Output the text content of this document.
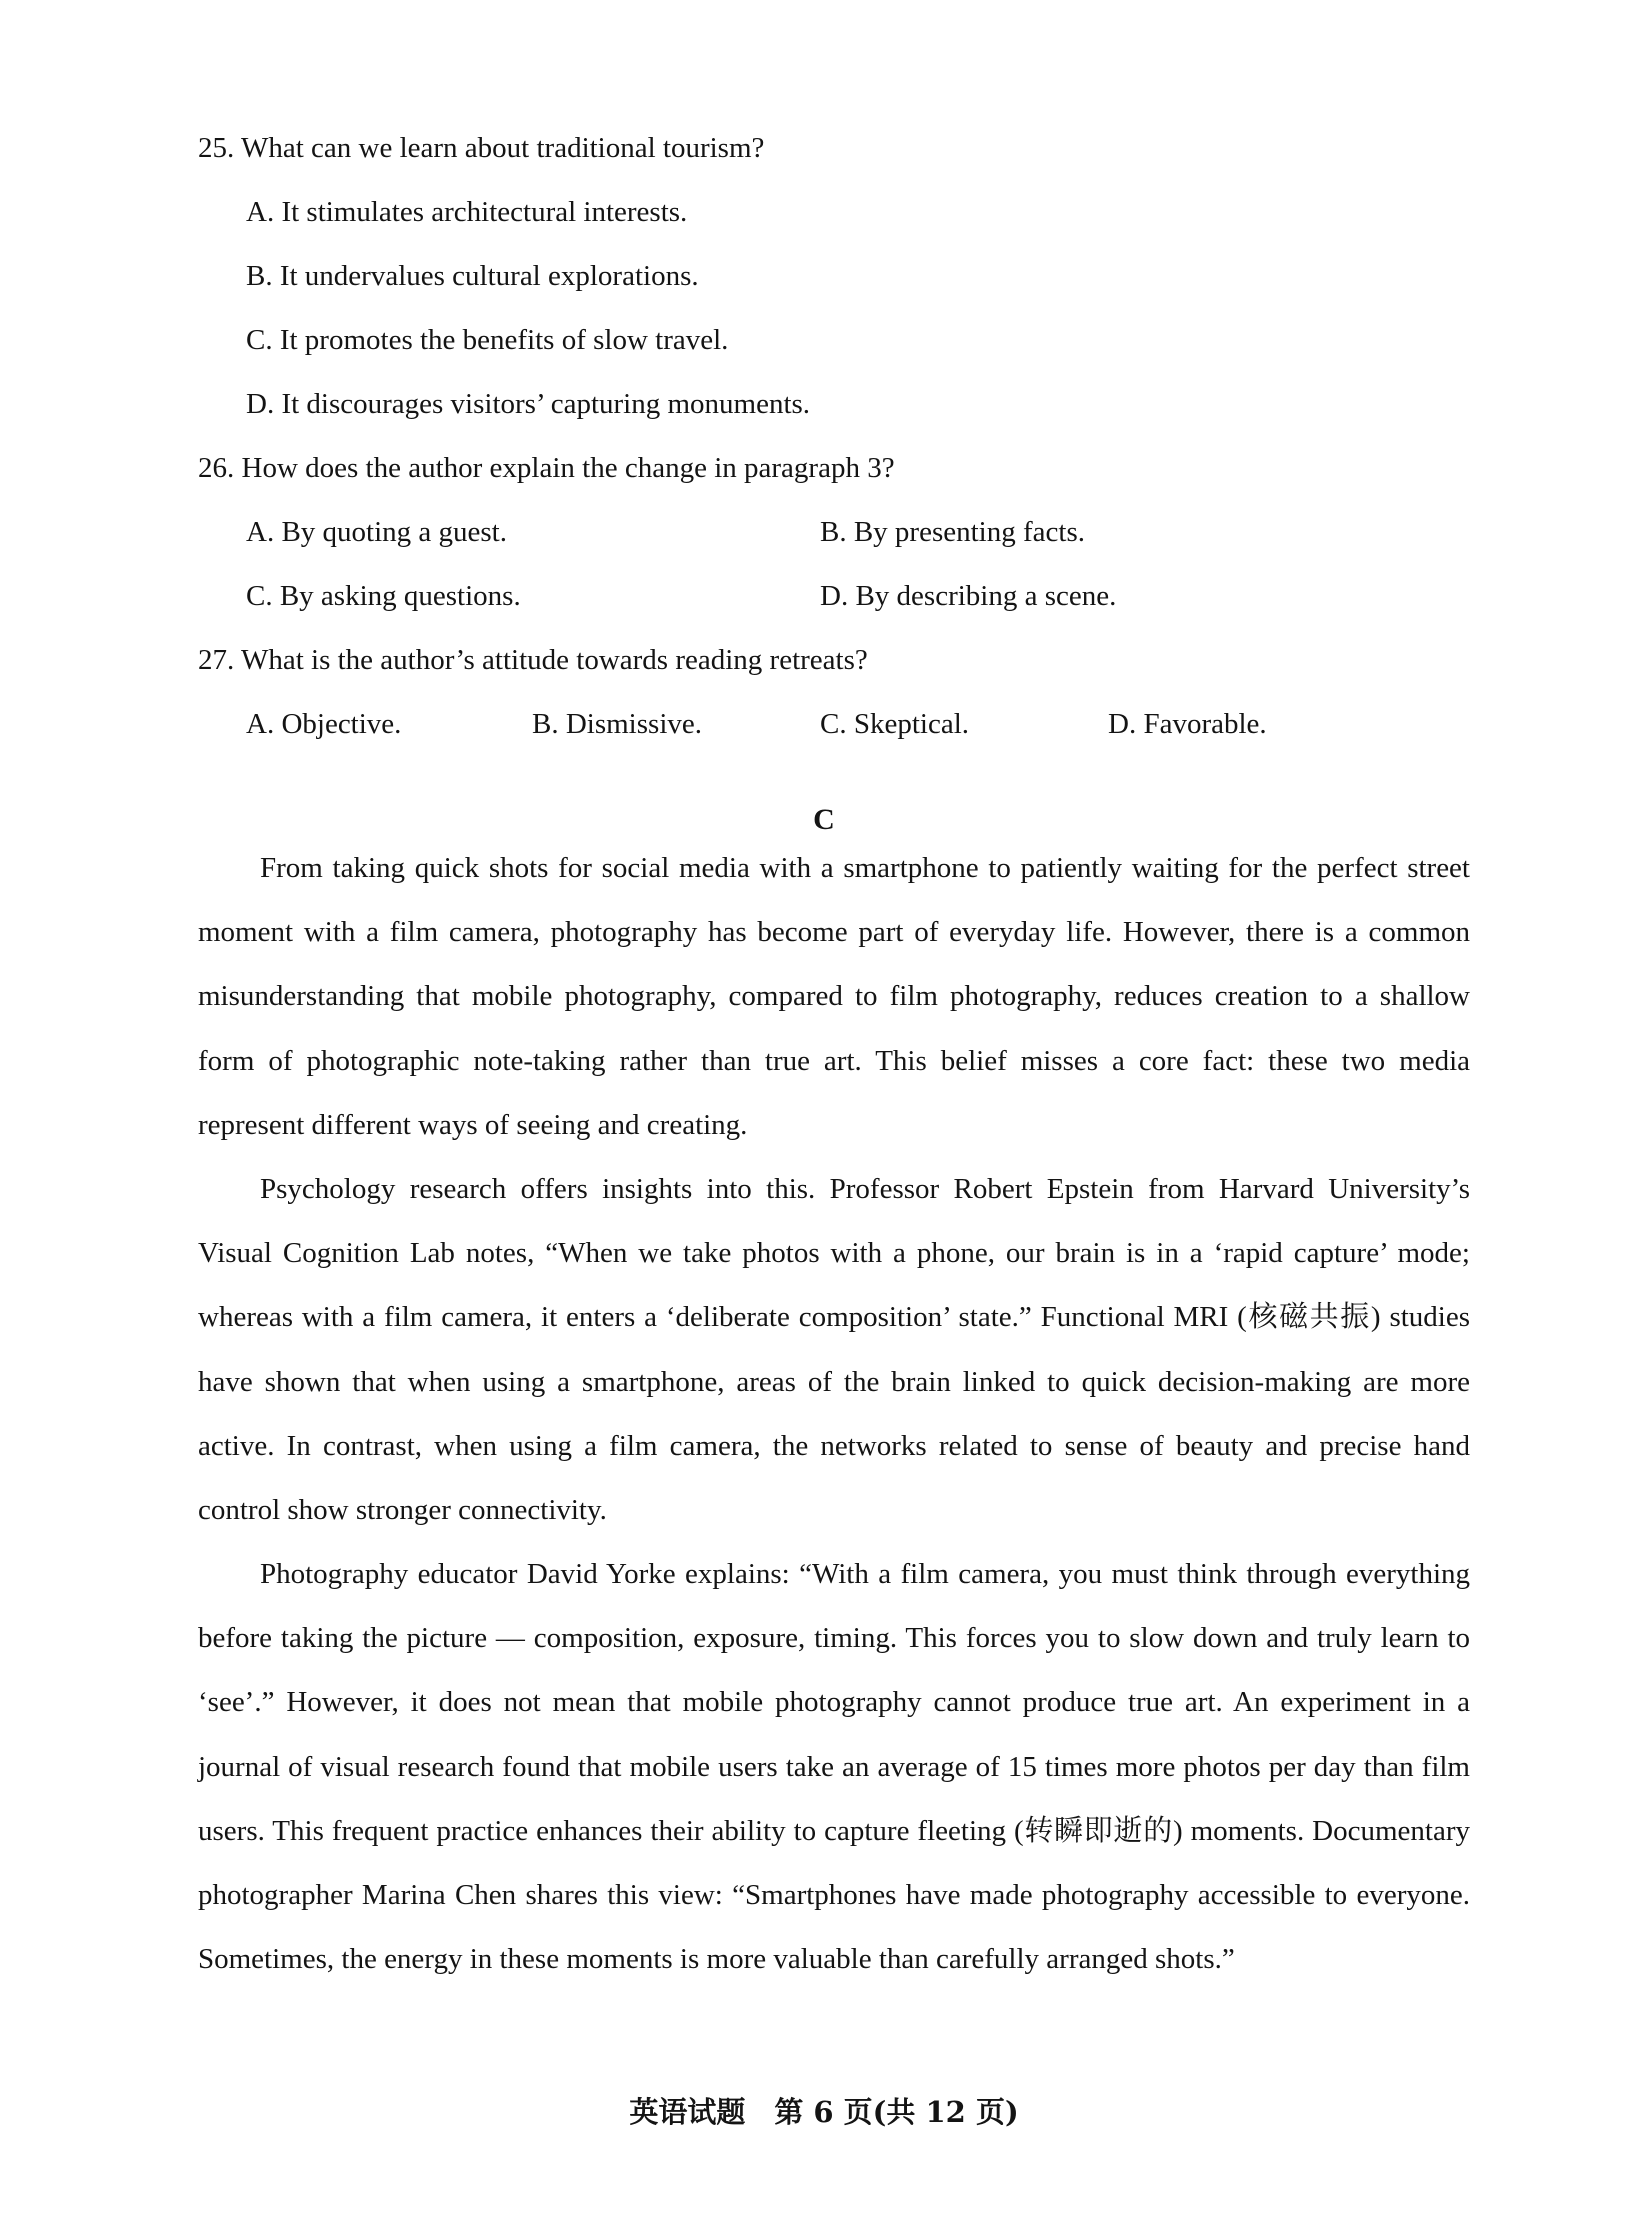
25. What can we learn about traditional tourism?
A. It stimulates architectural interests.
B. It undervalues cultural explorations.
C. It promotes the benefits of slow travel.
D. It discourages visitors’ capturing monuments.
26. How does the author explain the change in paragraph 3?
A. By quoting a guest.	B. By presenting facts.
C. By asking questions.	D. By describing a scene.
27. What is the author’s attitude towards reading retreats?
A. Objective.	B. Dismissive.	C. Skeptical.	D. Favorable.
C

From taking quick shots for social media with a smartphone to patiently waiting for the perfect street moment with a film camera, photography has become part of everyday life. However, there is a common misunderstanding that mobile photography, compared to film photography, reduces creation to a shallow form of photographic note-taking rather than true art. This belief misses a core fact: these two media represent different ways of seeing and creating.

Psychology research offers insights into this. Professor Robert Epstein from Harvard University’s Visual Cognition Lab notes, “When we take photos with a phone, our brain is in a ‘rapid capture’ mode; whereas with a film camera, it enters a ‘deliberate composition’ state.” Functional MRI (核磁共振) studies have shown that when using a smartphone, areas of the brain linked to quick decision-making are more active. In contrast, when using a film camera, the networks related to sense of beauty and precise hand control show stronger connectivity.

Photography educator David Yorke explains: “With a film camera, you must think through everything before taking the picture — composition, exposure, timing. This forces you to slow down and truly learn to ‘see’.” However, it does not mean that mobile photography cannot produce true art. An experiment in a journal of visual research found that mobile users take an average of 15 times more photos per day than film users. This frequent practice enhances their ability to capture fleeting (转瞬即逝的) moments. Documentary photographer Marina Chen shares this view: “Smartphones have made photography accessible to everyone. Sometimes, the energy in these moments is more valuable than carefully arranged shots.”

英语试题　第 6 页(共 12 页)
